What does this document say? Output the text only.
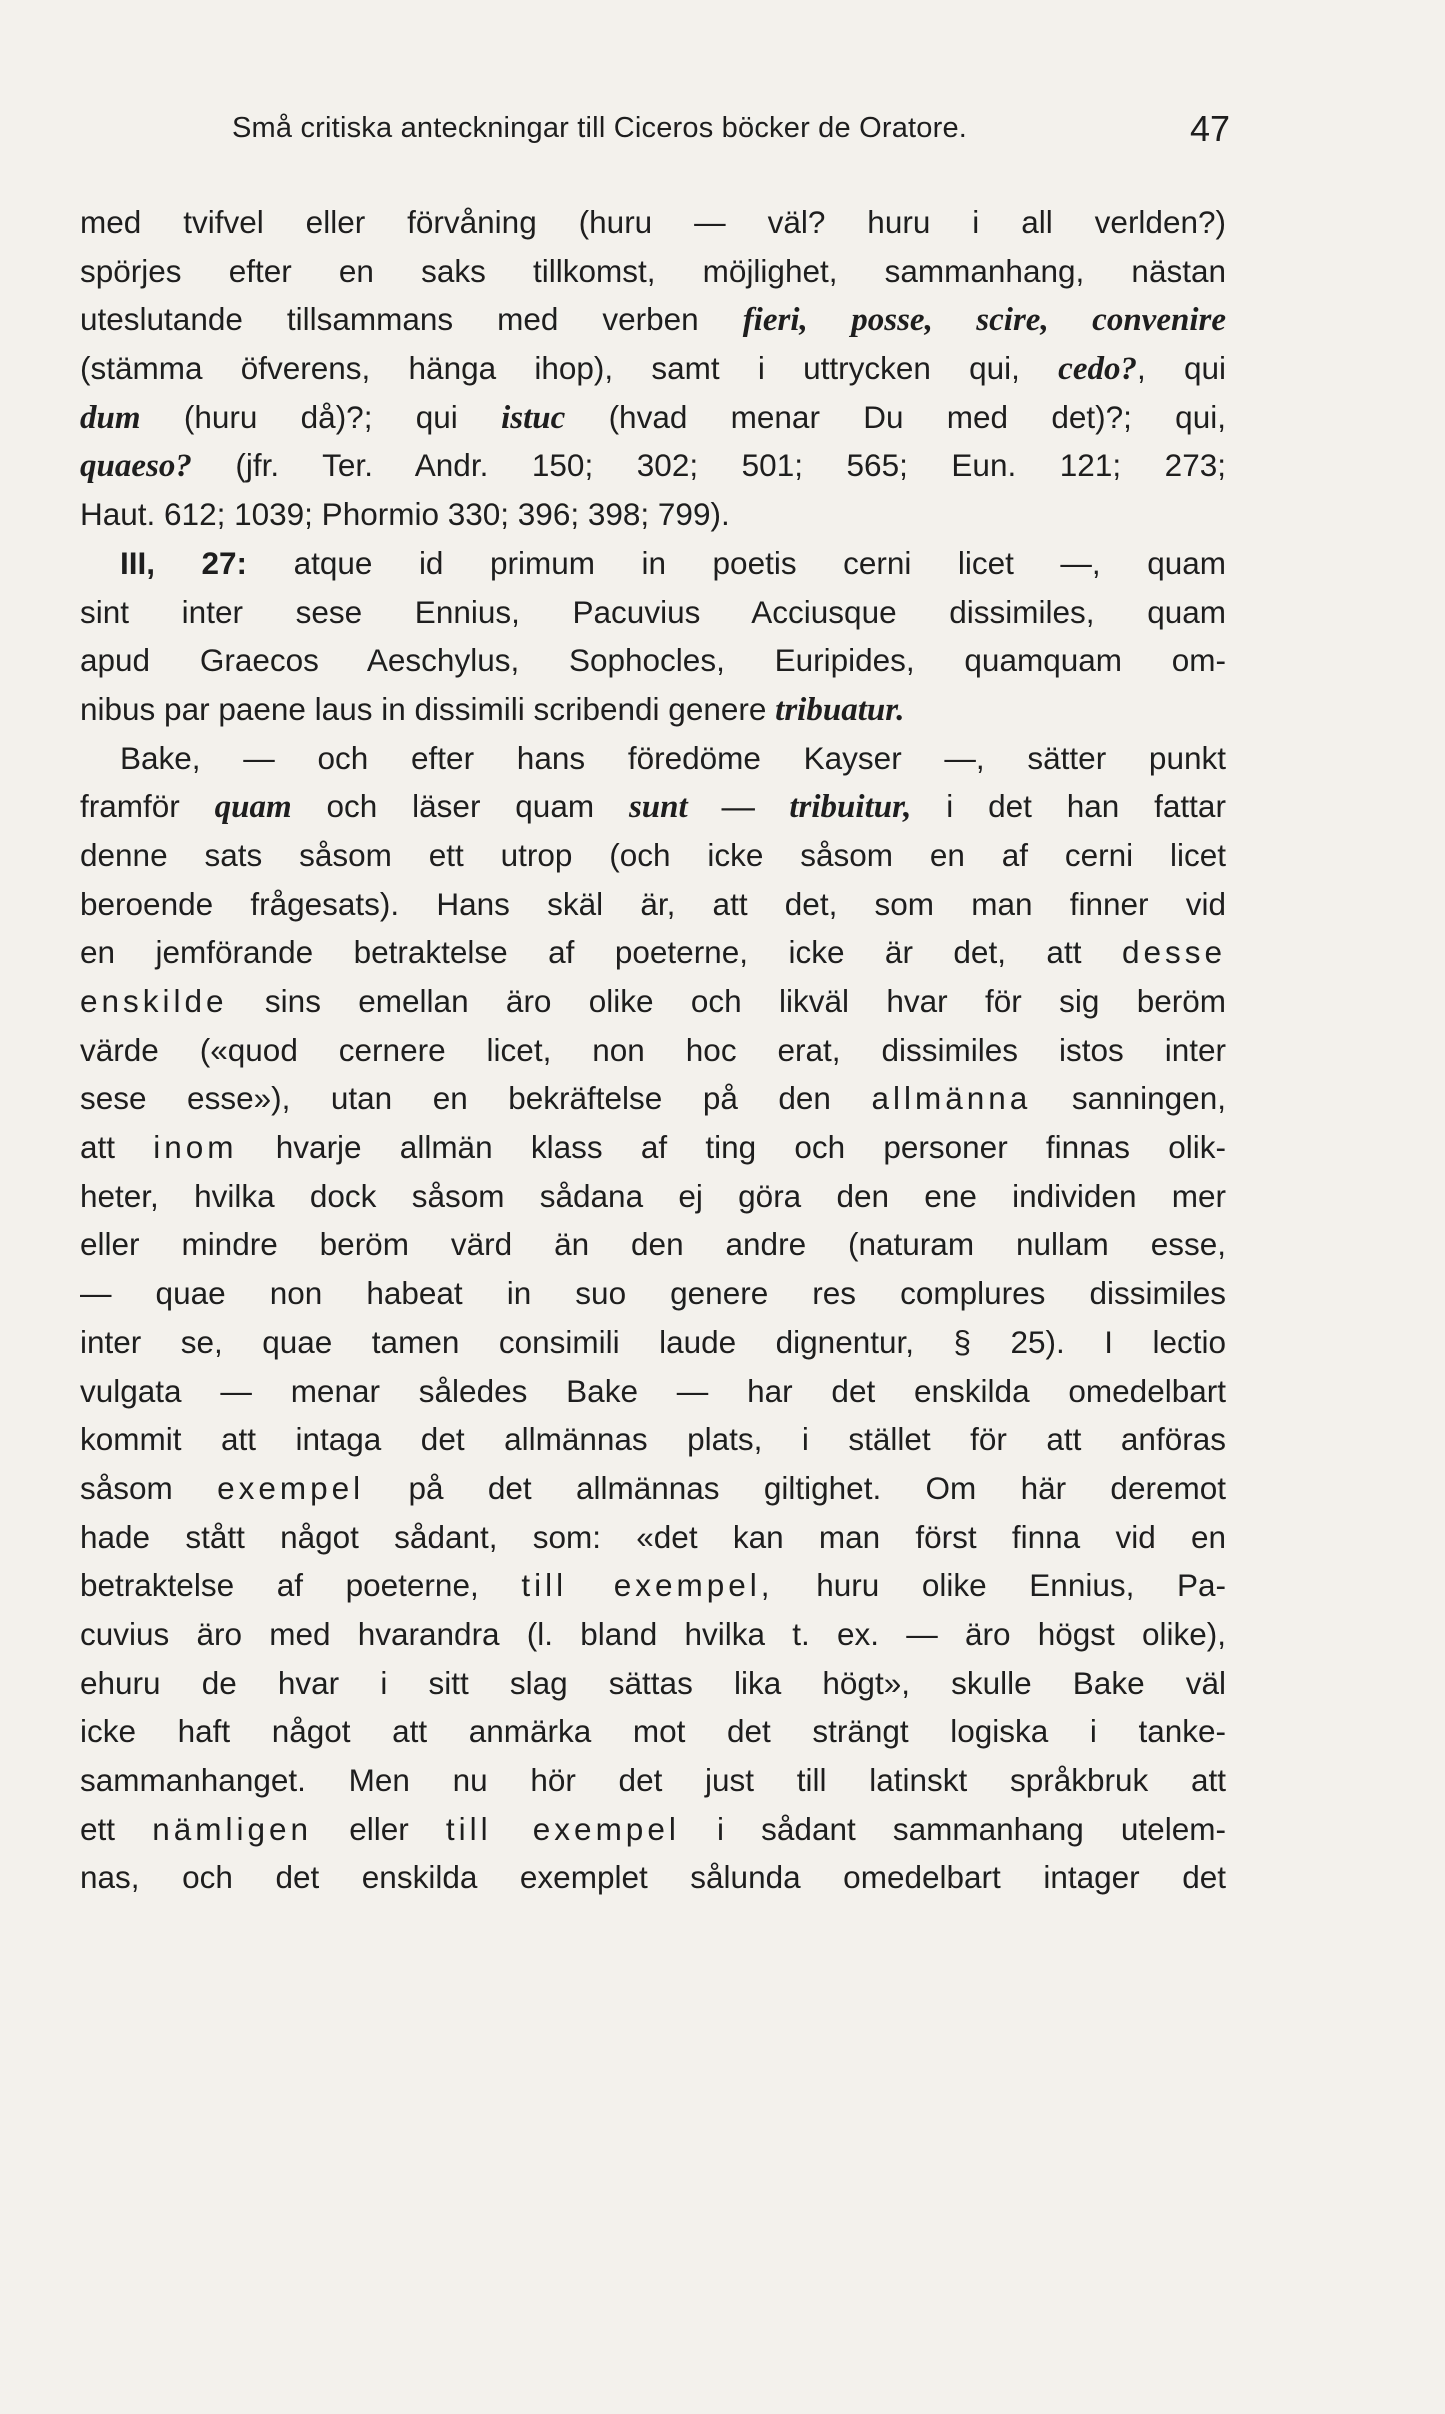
Små critiska anteckningar till Ciceros böcker de Oratore.	47
med tvifvel eller förvåning (huru — väl? huru i all verlden?)
spörjes efter en saks tillkomst, möjlighet, sammanhang, nästan
uteslutande tillsammans med verben fieri, posse, scire, convenire
(stämma öfverens, hänga ihop), samt i uttrycken qui, cedo?, qui
dum (huru då)?; qui istuc (hvad menar Du med det)?; qui,
quaeso? (jfr. Ter. Andr. 150; 302; 501; 565; Eun. 121; 273;
Haut. 612; 1039; Phormio 330; 396; 398; 799).
III, 27: atque id primum in poetis cerni licet —, quam
sint inter sese Ennius, Pacuvius Acciusque dissimiles, quam
apud Graecos Aeschylus, Sophocles, Euripides, quamquam om-
nibus par paene laus in dissimili scribendi genere tribuatur.
Bake, — och efter hans föredöme Kayser —, sätter punkt
framför quam och läser quam sunt — tribuitur, i det han fattar
denne sats såsom ett utrop (och icke såsom en af cerni licet
beroende frågesats). Hans skäl är, att det, som man finner vid
en jemförande betraktelse af poeterne, icke är det, att desse
enskilde sins emellan äro olike och likväl hvar för sig beröm
värde («quod cernere licet, non hoc erat, dissimiles istos inter
sese esse»), utan en bekräftelse på den allmänna sanningen,
att inom hvarje allmän klass af ting och personer finnas olik-
heter, hvilka dock såsom sådana ej göra den ene individen mer
eller mindre beröm värd än den andre (naturam nullam esse,
— quae non habeat in suo genere res complures dissimiles
inter se, quae tamen consimili laude dignentur, § 25). I lectio
vulgata — menar således Bake — har det enskilda omedelbart
kommit att intaga det allmännas plats, i stället för att anföras
såsom exempel på det allmännas giltighet. Om här deremot
hade stått något sådant, som: «det kan man först finna vid en
betraktelse af poeterne, till exempel, huru olike Ennius, Pa-
cuvius äro med hvarandra (l. bland hvilka t. ex. — äro högst olike),
ehuru de hvar i sitt slag sättas lika högt», skulle Bake väl
icke haft något att anmärka mot det strängt logiska i tanke-
sammanhanget. Men nu hör det just till latinskt språkbruk att
ett nämligen eller till exempel i sådant sammanhang utelem-
nas, och det enskilda exemplet sålunda omedelbart intager det
